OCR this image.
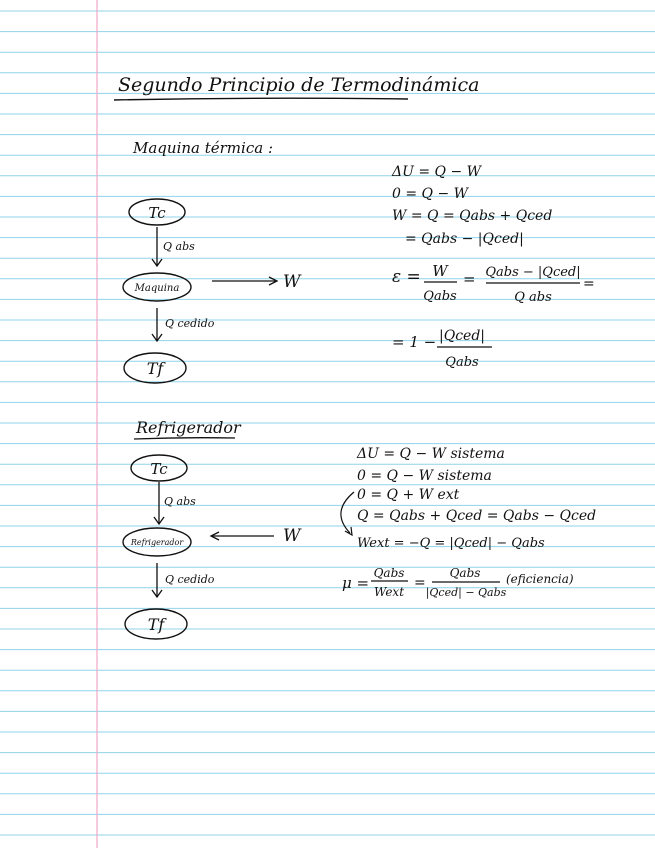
Segundo Principio de Termodinámica
Maquina térmica :
Tc
Q abs
Maquina	W
Q cedido
Tf
ΔU = Q − W
0 = Q − W
W = Q = Qabs + Qced
= Qabs − |Qced|
ε = W
Qabs
= Qabs − |Qced|
Q abs
=
= 1 − |Qced|
Qabs
Refrigerador
Tc
Q abs
Refrigerador	W
Q cedido
Tf
ΔU = Q − W sistema
0 = Q − W sistema
0 = Q + W ext
Q = Qabs + Qced = Qabs − Qced
Wext = −Q = |Qced| − Qabs
μ =
Qabs
Wext
=
Qabs
|Qced| − Qabs
(eficiencia)
